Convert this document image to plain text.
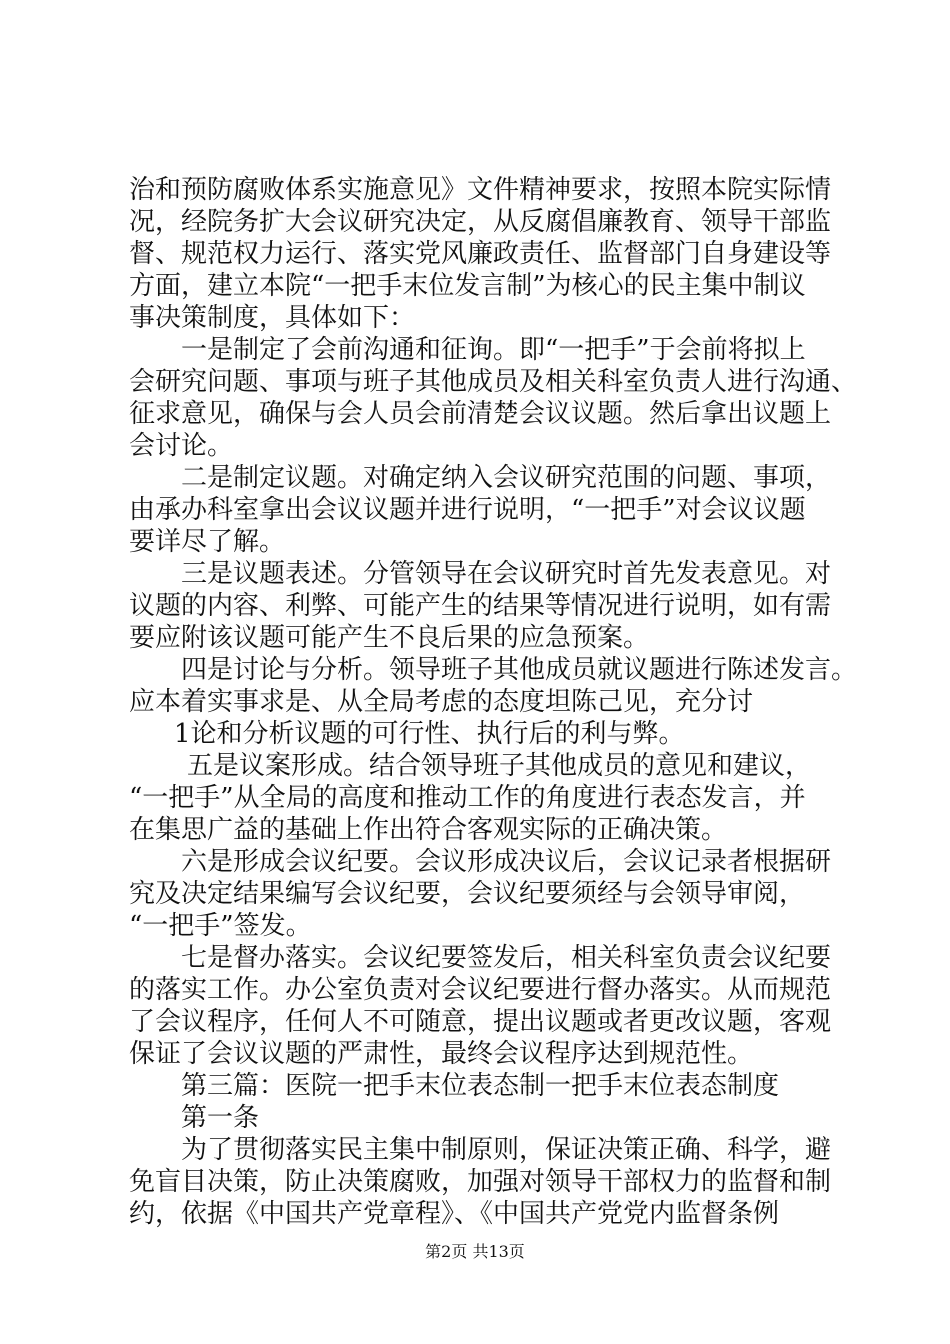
治和预防腐败体系实施意见》文件精神要求，按照本院实际情
况，经院务扩大会议研究决定，从反腐倡廉教育、领导干部监
督、规范权力运行、落实党风廉政责任、监督部门自身建设等
方面，建立本院“一把手末位发言制”为核心的民主集中制议
事决策制度，具体如下：
一是制定了会前沟通和征询。即“一把手”于会前将拟上
会研究问题、事项与班子其他成员及相关科室负责人进行沟通、
征求意见，确保与会人员会前清楚会议议题。然后拿出议题上
会讨论。
二是制定议题。对确定纳入会议研究范围的问题、事项，
由承办科室拿出会议议题并进行说明，“一把手”对会议议题
要详尽了解。
三是议题表述。分管领导在会议研究时首先发表意见。对
议题的内容、利弊、可能产生的结果等情况进行说明，如有需
要应附该议题可能产生不良后果的应急预案。
四是讨论与分析。领导班子其他成员就议题进行陈述发言。
应本着实事求是、从全局考虑的态度坦陈己见，充分讨
1论和分析议题的可行性、执行后的利与弊。
五是议案形成。结合领导班子其他成员的意见和建议，
“一把手”从全局的高度和推动工作的角度进行表态发言，并
在集思广益的基础上作出符合客观实际的正确决策。
六是形成会议纪要。会议形成决议后，会议记录者根据研
究及决定结果编写会议纪要，会议纪要须经与会领导审阅，
“一把手”签发。
七是督办落实。会议纪要签发后，相关科室负责会议纪要
的落实工作。办公室负责对会议纪要进行督办落实。从而规范
了会议程序，任何人不可随意，提出议题或者更改议题，客观
保证了会议议题的严肃性，最终会议程序达到规范性。
第三篇：医院一把手末位表态制一把手末位表态制度
第一条
为了贯彻落实民主集中制原则，保证决策正确、科学，避
免盲目决策，防止决策腐败，加强对领导干部权力的监督和制
约，依据《中国共产党章程》、《中国共产党党内监督条例
第2页 共13页
